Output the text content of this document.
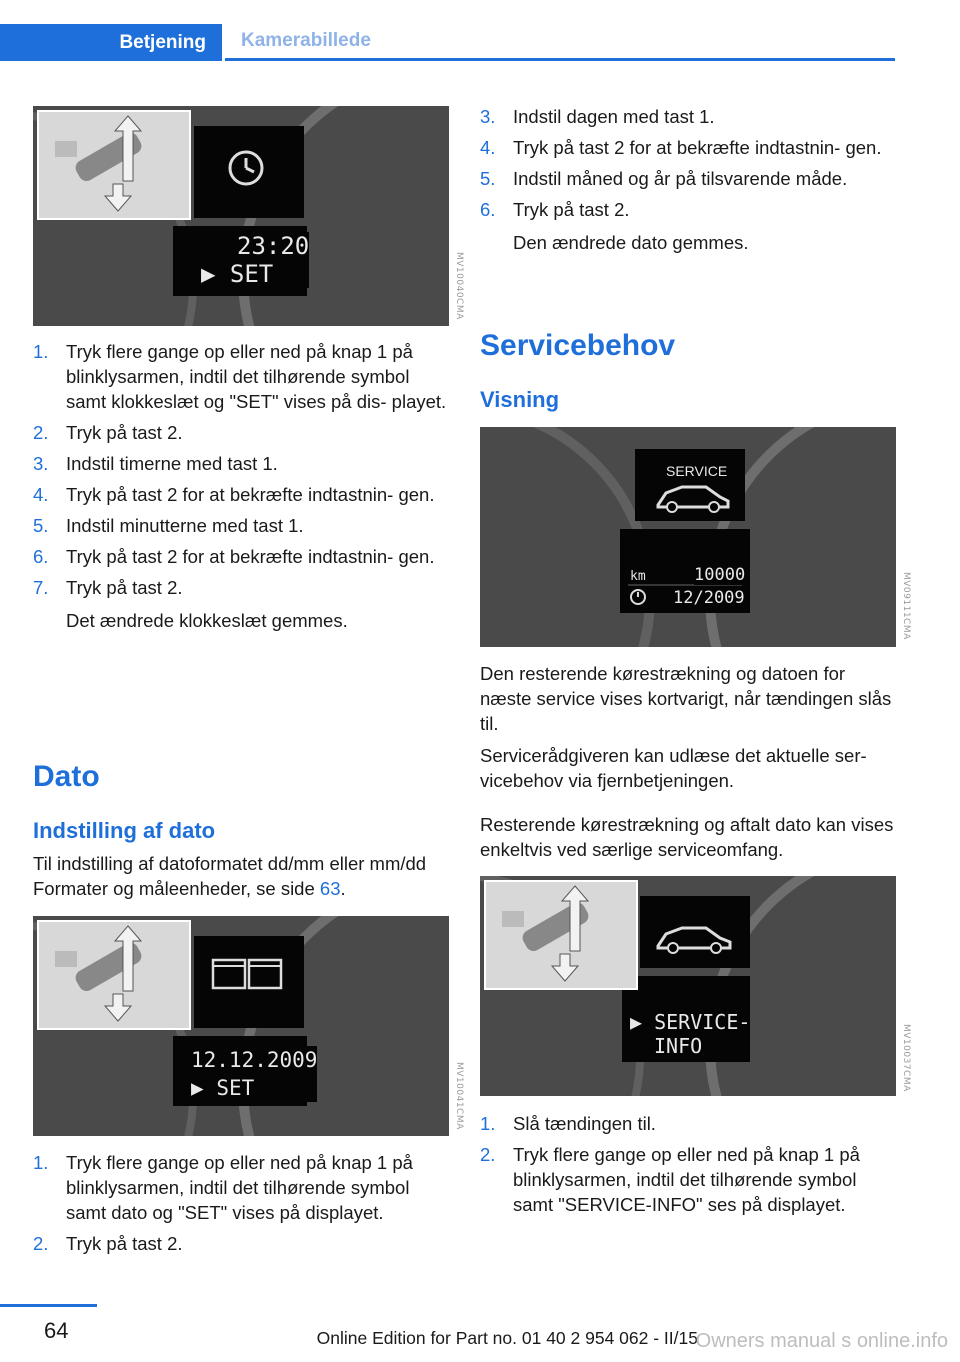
Betjening	Kamerabillede
23:20
▶ SET	MV10040CMA
1. Tryk flere gange op eller ned på knap 1 på blinklysarmen, indtil det tilhørende symbol samt klokkeslæt og "SET" vises på dis‐ playet.
2. Tryk på tast 2.
3. Indstil timerne med tast 1.
4. Tryk på tast 2 for at bekræfte indtastnin‐ gen.
5. Indstil minutterne med tast 1.
6. Tryk på tast 2 for at bekræfte indtastnin‐ gen.
7. Tryk på tast 2.
Det ændrede klokkeslæt gemmes.
Dato
Indstilling af dato
Til indstilling af datoformatet dd/mm eller mm/dd Formater og måleenheder, se side 63.
12.12.2009
▶ SET	MV10041CMA
1. Tryk flere gange op eller ned på knap 1 på blinklysarmen, indtil det tilhørende symbol samt dato og "SET" vises på displayet.
2. Tryk på tast 2.
3. Indstil dagen med tast 1.
4. Tryk på tast 2 for at bekræfte indtastnin‐ gen.
5. Indstil måned og år på tilsvarende måde.
6. Tryk på tast 2.
Den ændrede dato gemmes.
Servicebehov
Visning
SERVICE
km	10000
12/2009	MV09111CMA
Den resterende kørestrækning og datoen for næste service vises kortvarigt, når tændingen slås til.
Servicerådgiveren kan udlæse det aktuelle ser‐ vicebehov via fjernbetjeningen.
Resterende kørestrækning og aftalt dato kan vises enkeltvis ved særlige serviceomfang.
▶ SERVICE-
INFO	MV10037CMA
1. Slå tændingen til.
2. Tryk flere gange op eller ned på knap 1 på blinklysarmen, indtil det tilhørende symbol samt "SERVICE-INFO" ses på displayet.
64	Online Edition for Part no. 01 40 2 954 062 - II/15
Owners manual s online.info
